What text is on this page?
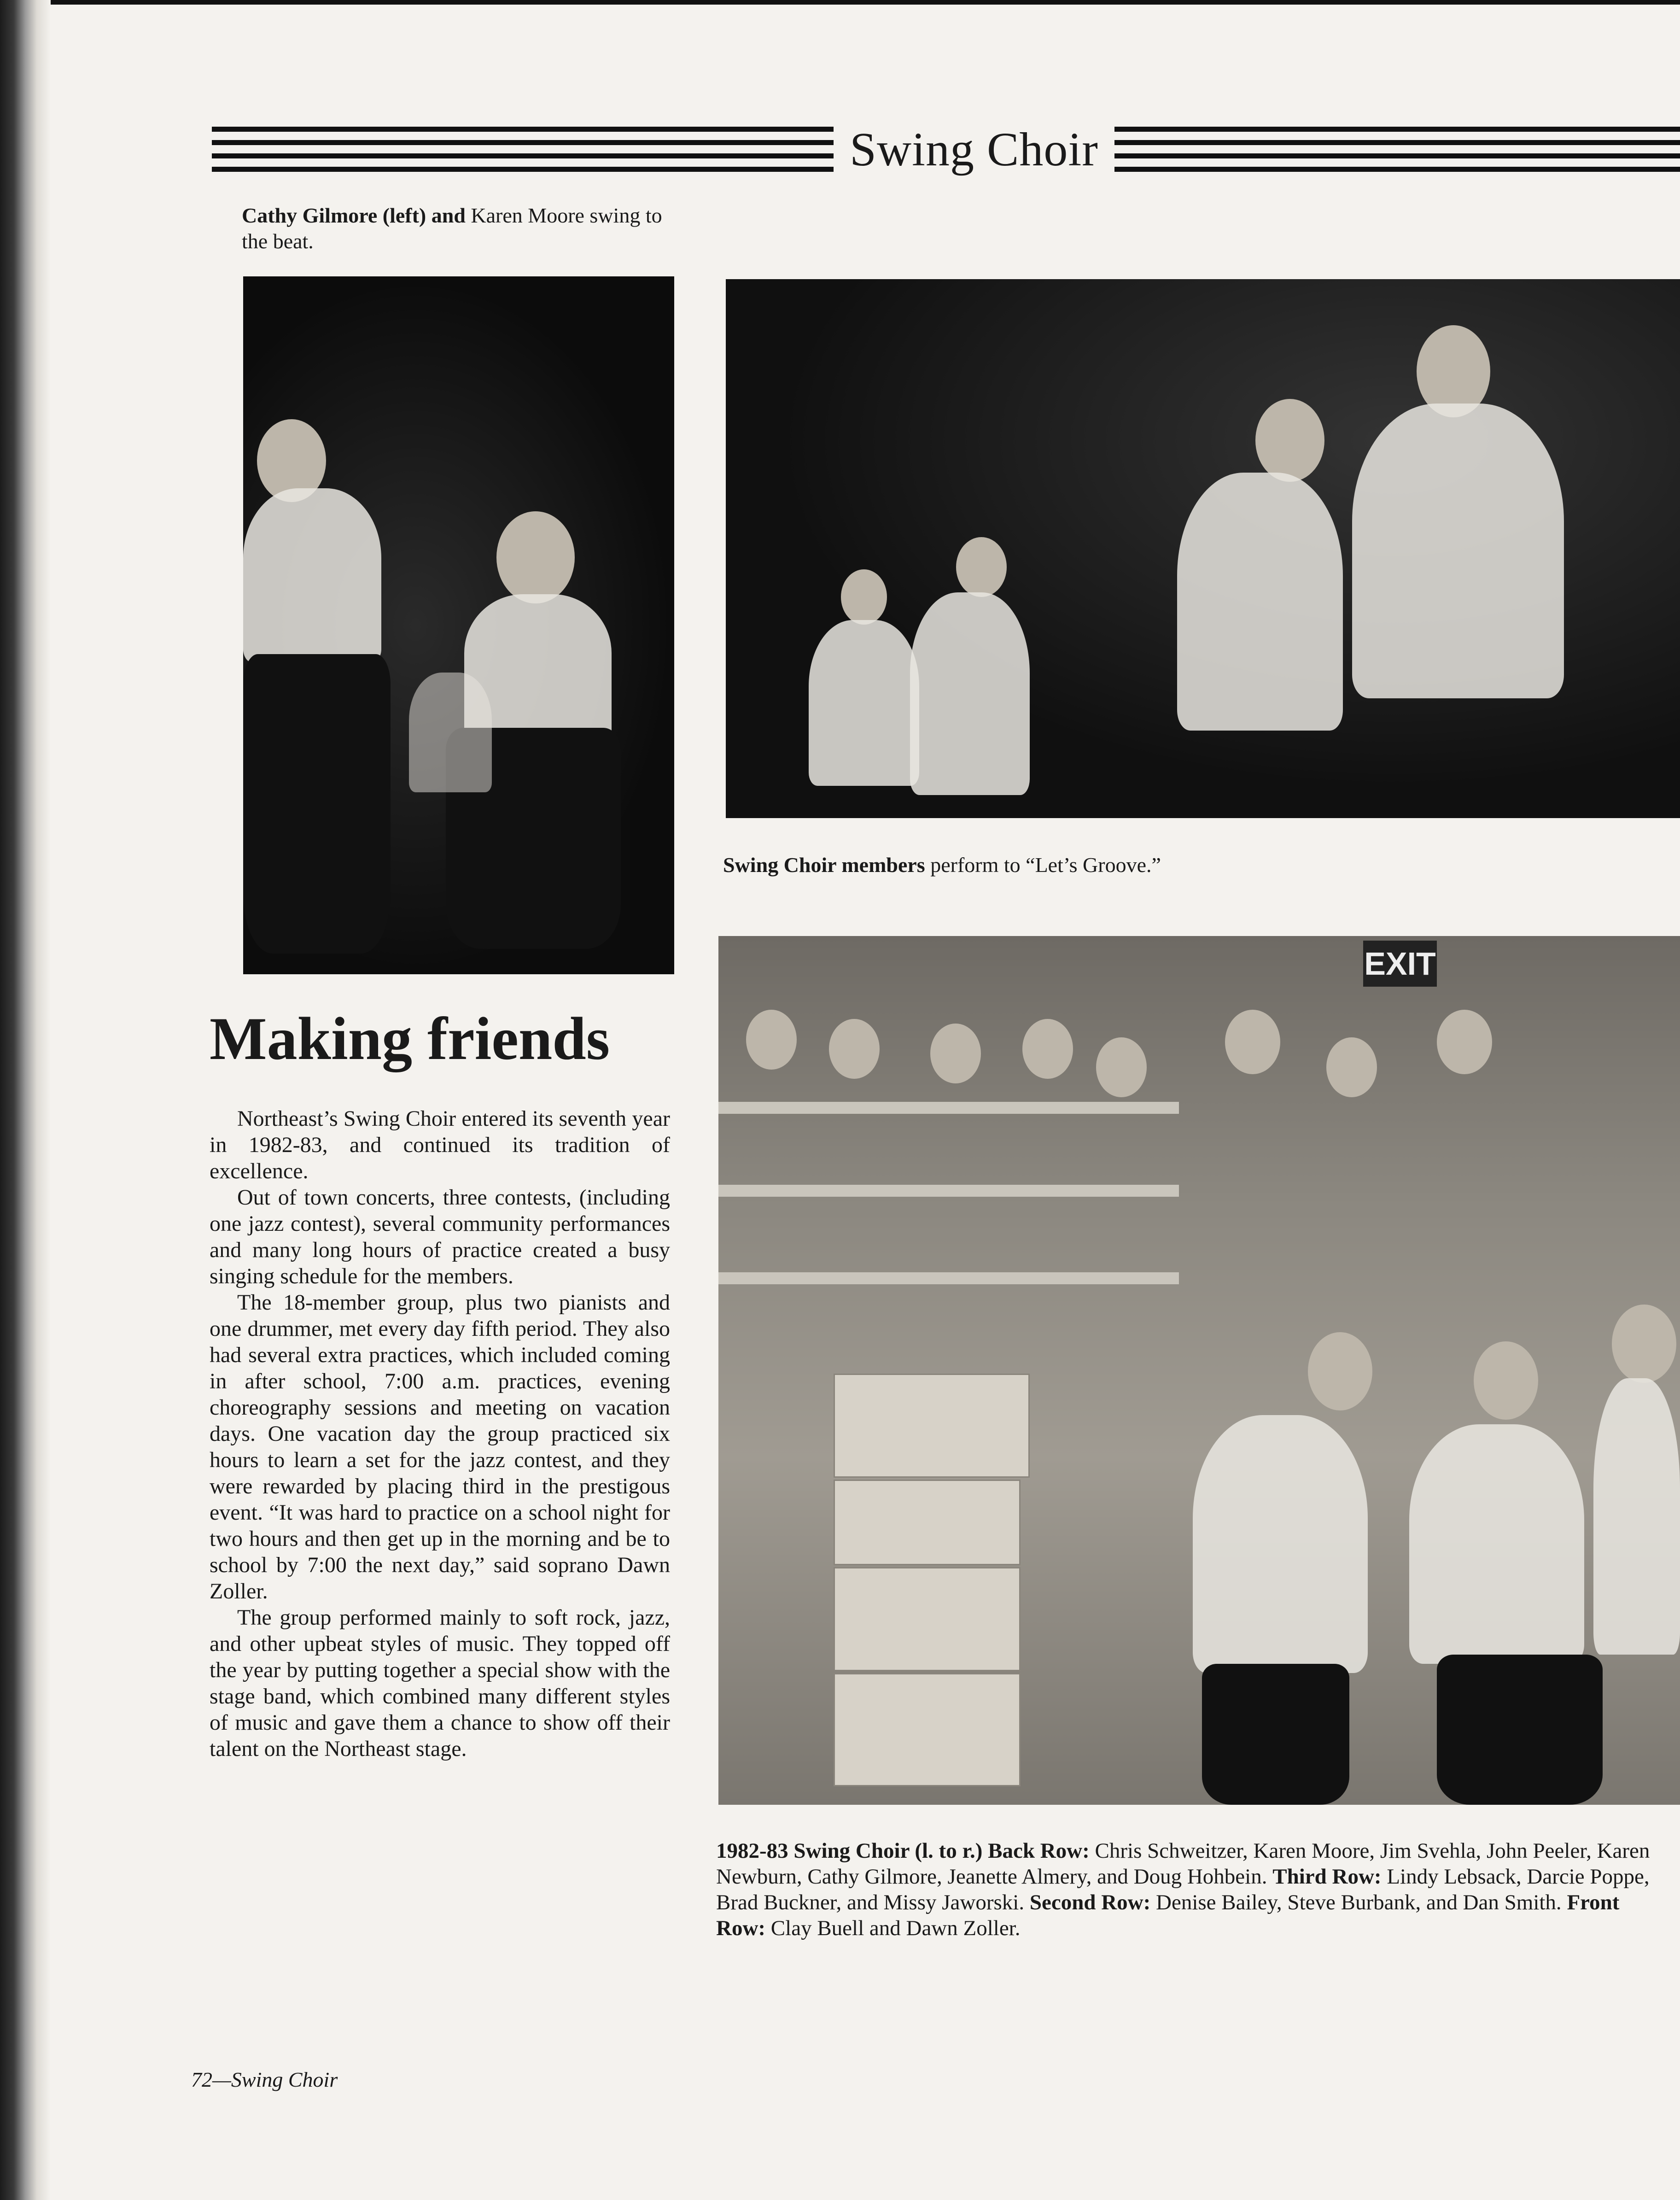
Swing Choir
Cathy Gilmore (left) and Karen Moore swing to the beat.
Swing Choir members perform to “Let’s Groove.”
EXIT
1982-83 Swing Choir (l. to r.) Back Row: Chris Schweitzer, Karen Moore, Jim Svehla, John Peeler, Karen Newburn, Cathy Gilmore, Jeanette Almery, and Doug Hohbein. Third Row: Lindy Lebsack, Darcie Poppe, Brad Buckner, and Missy Jaworski. Second Row: Denise Bailey, Steve Burbank, and Dan Smith. Front Row: Clay Buell and Dawn Zoller.
Making friends

Northeast’s Swing Choir entered its seventh year in 1982-83, and continued its tradition of excellence.

Out of town concerts, three contests, (including one jazz contest), several community performances and many long hours of practice created a busy singing schedule for the members.

The 18-member group, plus two pianists and one drummer, met every day fifth period. They also had several extra practices, which included coming in after school, 7:00 a.m. practices, evening choreography sessions and meeting on vacation days. One vacation day the group practiced six hours to learn a set for the jazz contest, and they were rewarded by placing third in the prestigous event. “It was hard to practice on a school night for two hours and then get up in the morning and be to school by 7:00 the next day,” said soprano Dawn Zoller.

The group performed mainly to soft rock, jazz, and other upbeat styles of music. They topped off the year by putting together a special show with the stage band, which combined many different styles of music and gave them a chance to show off their talent on the Northeast stage.

72—Swing Choir
